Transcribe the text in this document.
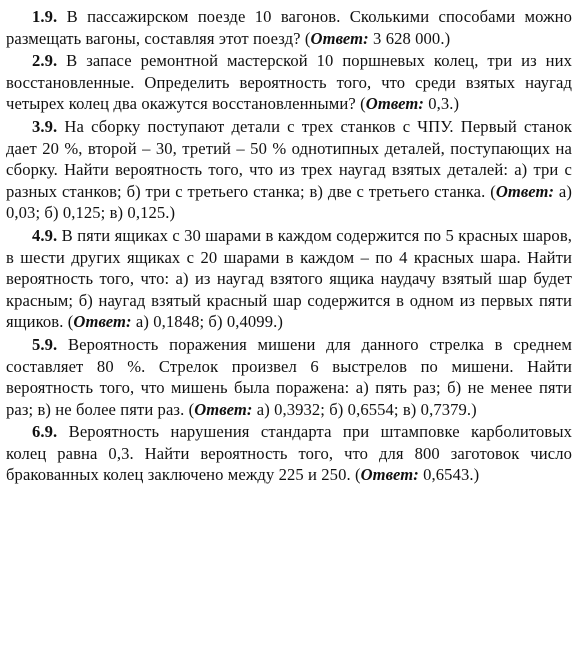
1.9. В пассажирском поезде 10 вагонов. Сколькими способами можно размещать вагоны, составляя этот поезд? (Ответ: 3 628 000.)

2.9. В запасе ремонтной мастерской 10 поршневых колец, три из них восстановленные. Определить вероятность того, что среди взятых наугад четырех колец два окажутся восстановленными? (Ответ: 0,3.)

3.9. На сборку поступают детали с трех станков с ЧПУ. Первый станок дает 20 %, второй – 30, третий – 50 % однотипных деталей, поступающих на сборку. Найти вероятность того, что из трех наугад взятых деталей: а) три с разных станков; б) три с третьего станка; в) две с третьего станка. (Ответ: а) 0,03; б) 0,125; в) 0,125.)

4.9. В пяти ящиках с 30 шарами в каждом содержится по 5 красных шаров, в шести других ящиках с 20 шарами в каждом – по 4 красных шара. Найти вероятность того, что: а) из наугад взятого ящика наудачу взятый шар будет красным; б) наугад взятый красный шар содержится в одном из первых пяти ящиков. (Ответ: а) 0,1848; б) 0,4099.)

5.9. Вероятность поражения мишени для данного стрелка в среднем составляет 80 %. Стрелок произвел 6 выстрелов по мишени. Найти вероятность того, что мишень была поражена: а) пять раз; б) не менее пяти раз; в) не более пяти раз. (Ответ: а) 0,3932; б) 0,6554; в) 0,7379.)

6.9. Вероятность нарушения стандарта при штамповке карболитовых колец равна 0,3. Найти вероятность того, что для 800 заготовок число бракованных колец заключено между 225 и 250. (Ответ: 0,6543.)
